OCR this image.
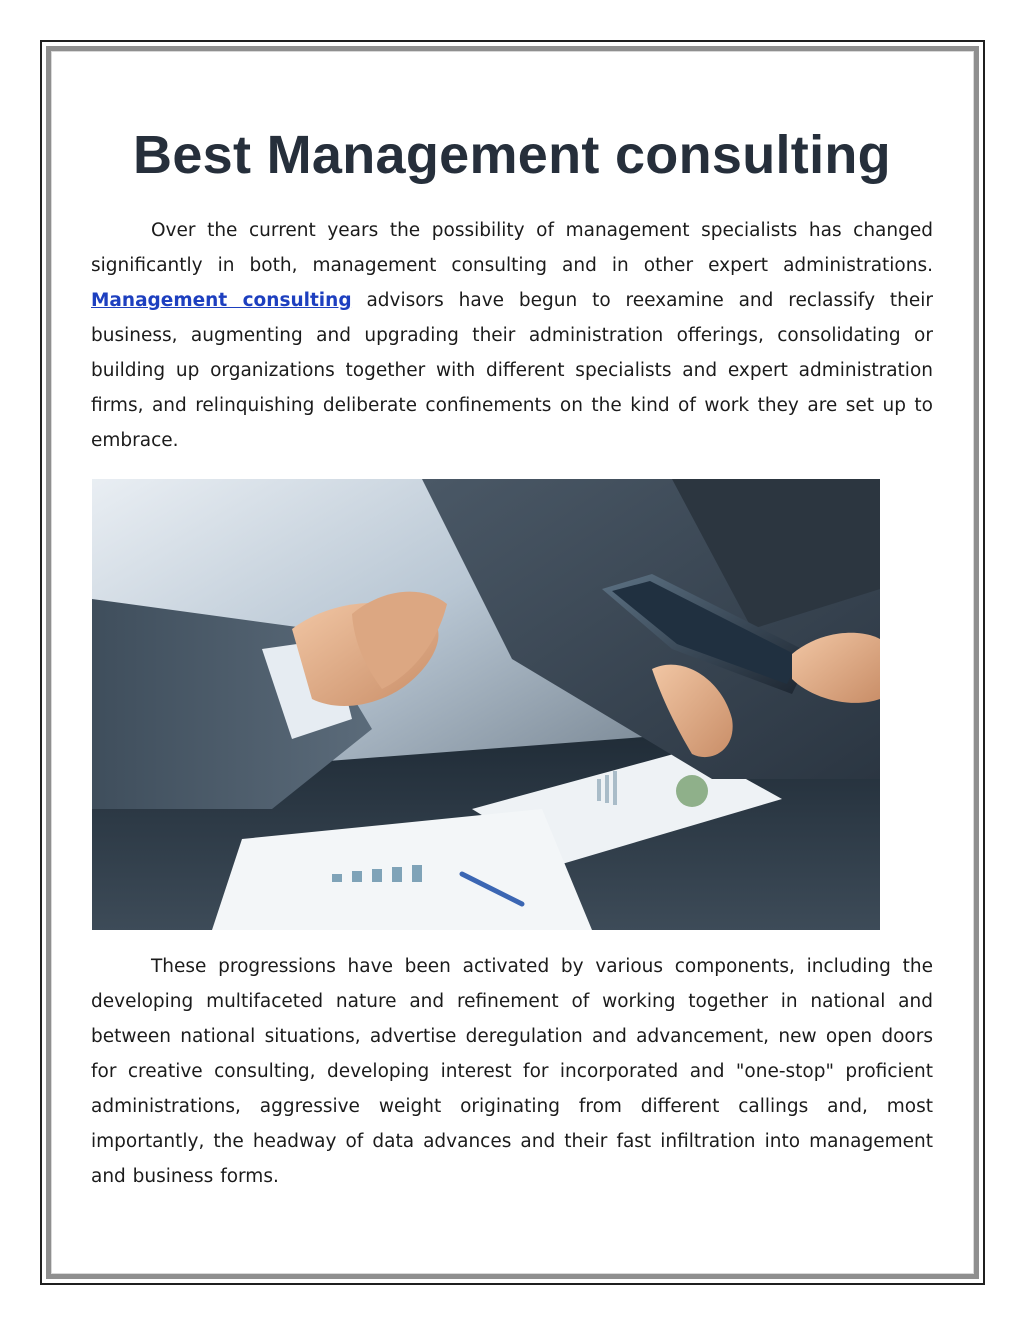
Best Management consulting

Over the current years the possibility of management specialists has changed significantly in both, management consulting and in other expert administrations. Management consulting advisors have begun to reexamine and reclassify their business, augmenting and upgrading their administration offerings, consolidating or building up organizations together with different specialists and expert administration firms, and relinquishing deliberate confinements on the kind of work they are set up to embrace.

These progressions have been activated by various components, including the developing multifaceted nature and refinement of working together in national and between national situations, advertise deregulation and advancement, new open doors for creative consulting, developing interest for incorporated and "one-stop" proficient administrations, aggressive weight originating from different callings and, most importantly, the headway of data advances and their fast infiltration into management and business forms.
